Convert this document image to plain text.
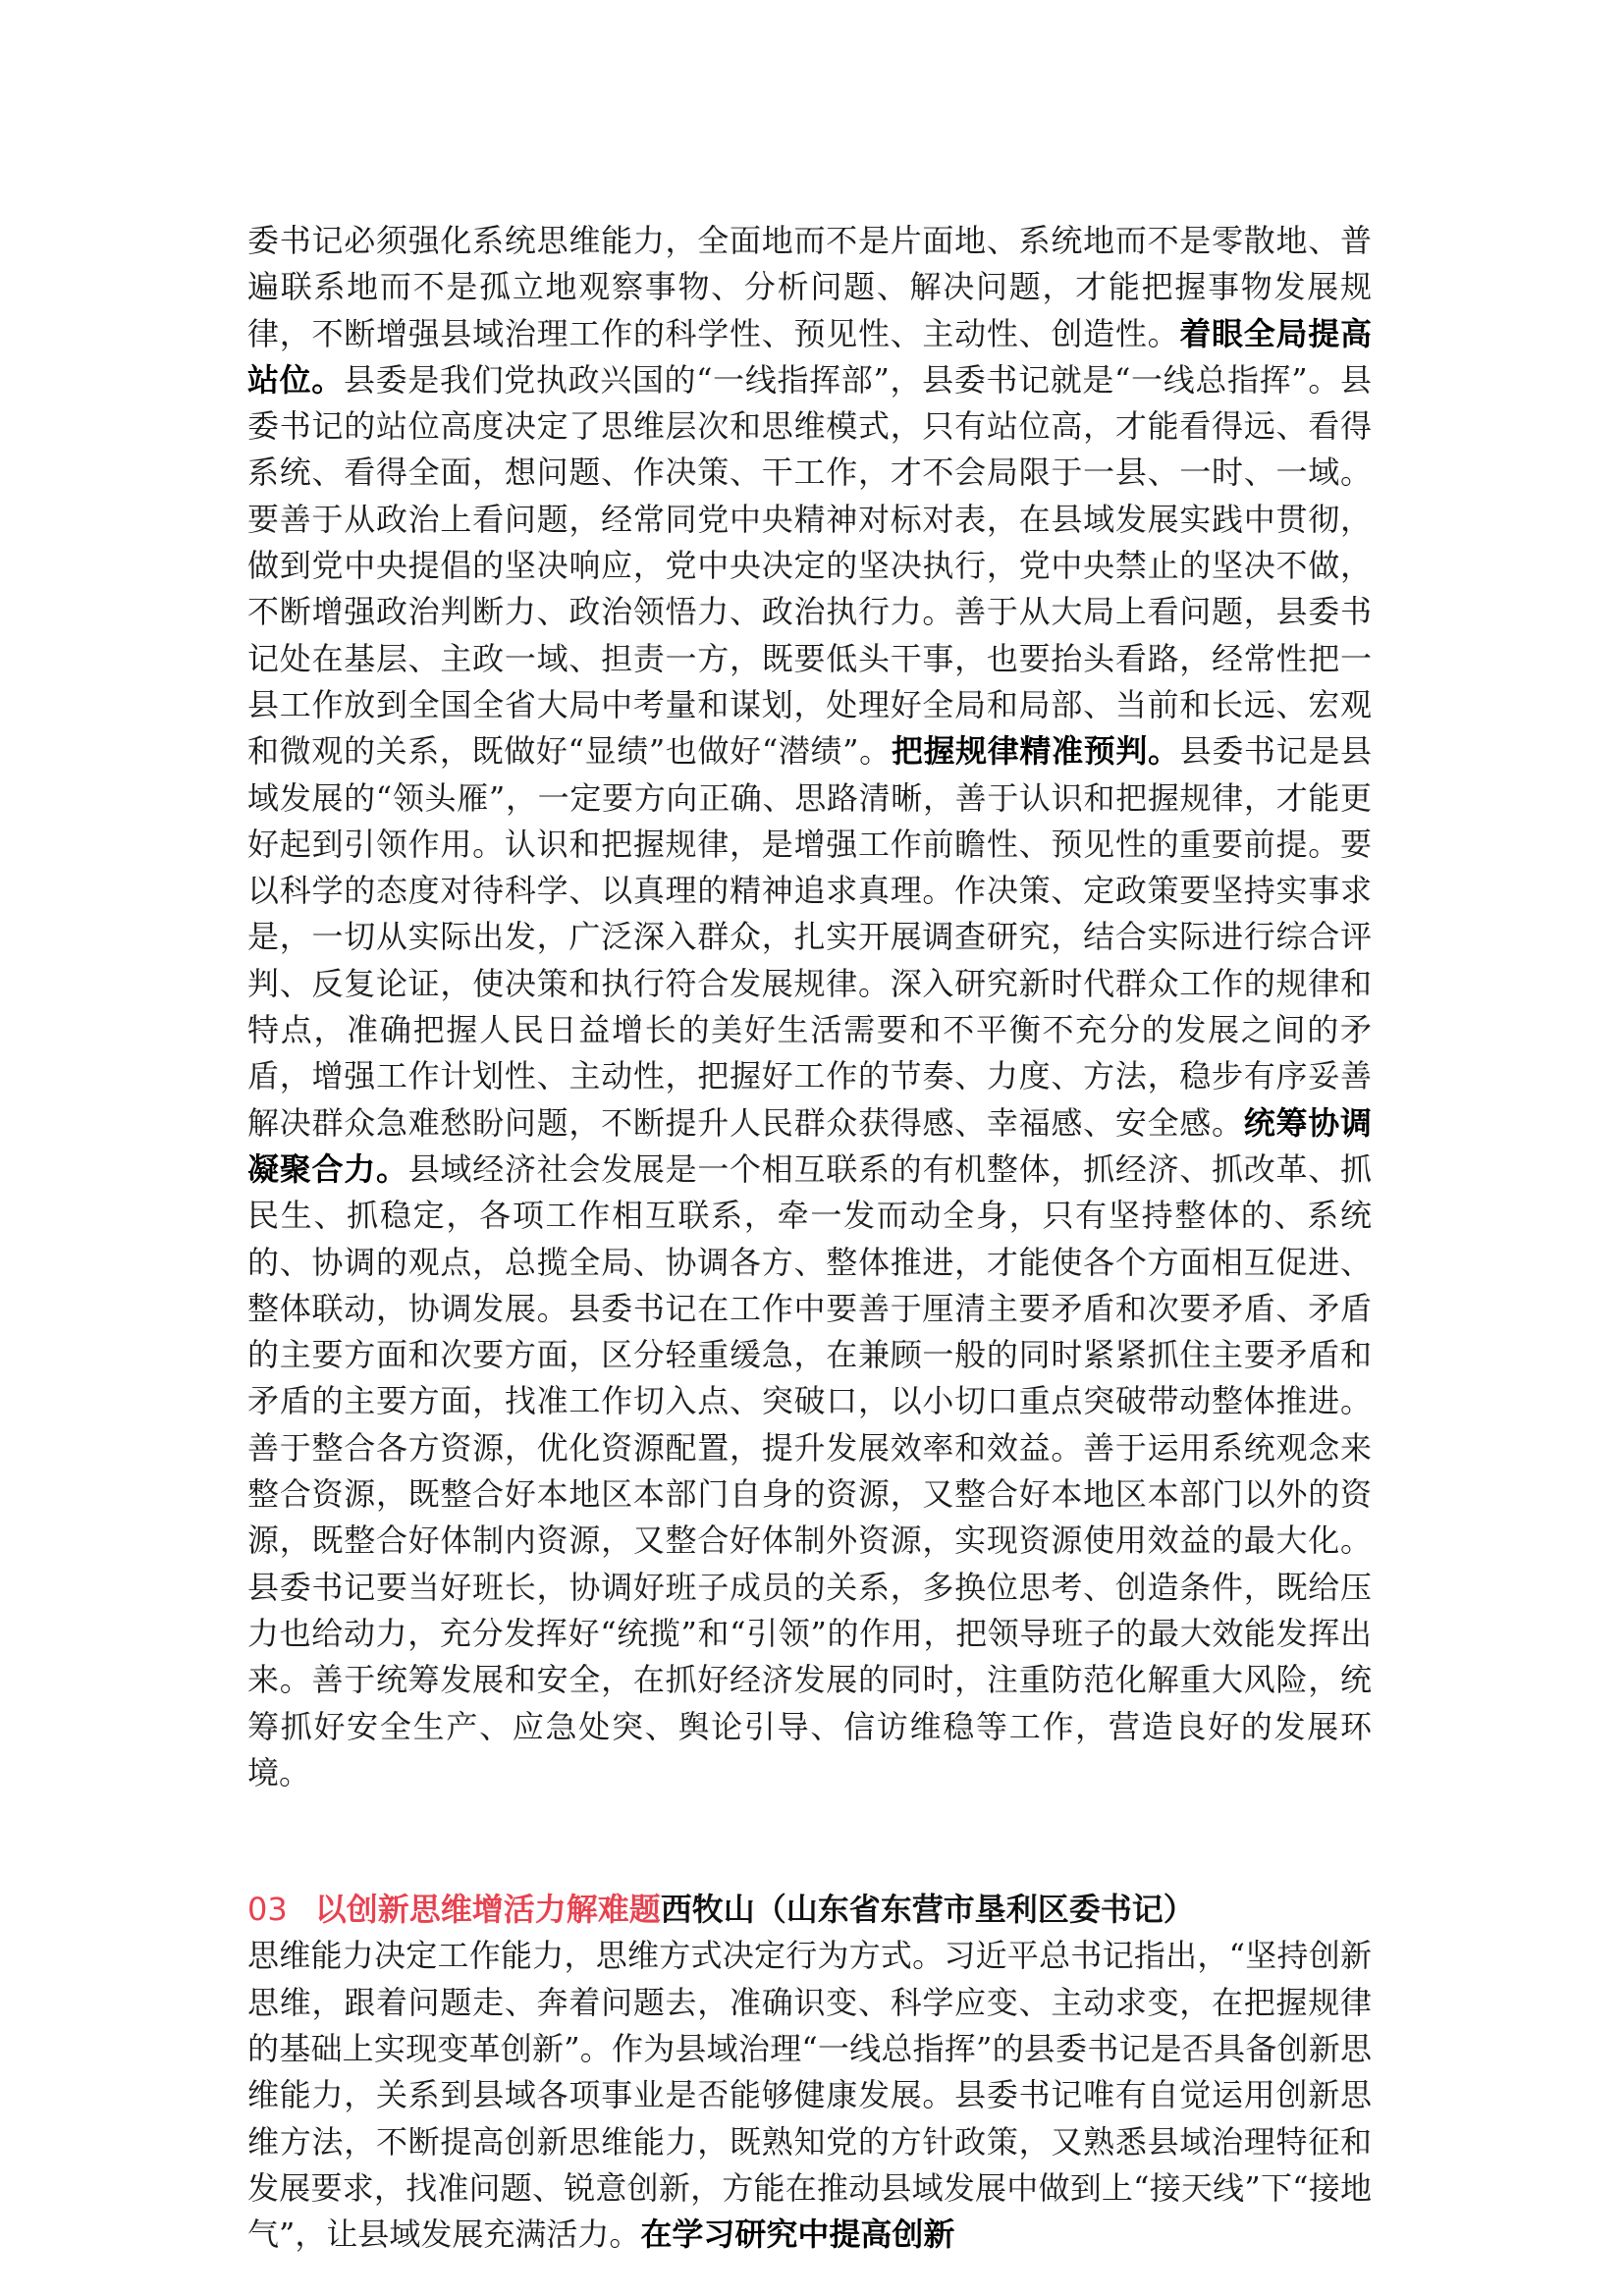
委书记必须强化系统思维能力，全面地而不是片面地、系统地而不是零散地、普遍联系地而不是孤立地观察事物、分析问题、解决问题，才能把握事物发展规律，不断增强县域治理工作的科学性、预见性、主动性、创造性。着眼全局提高站位。县委是我们党执政兴国的“一线指挥部”，县委书记就是“一线总指挥”。县委书记的站位高度决定了思维层次和思维模式，只有站位高，才能看得远、看得系统、看得全面，想问题、作决策、干工作，才不会局限于一县、一时、一域。要善于从政治上看问题，经常同党中央精神对标对表，在县域发展实践中贯彻，做到党中央提倡的坚决响应，党中央决定的坚决执行，党中央禁止的坚决不做，不断增强政治判断力、政治领悟力、政治执行力。善于从大局上看问题，县委书记处在基层、主政一域、担责一方，既要低头干事，也要抬头看路，经常性把一县工作放到全国全省大局中考量和谋划，处理好全局和局部、当前和长远、宏观和微观的关系，既做好“显绩”也做好“潜绩”。把握规律精准预判。县委书记是县域发展的“领头雁”，一定要方向正确、思路清晰，善于认识和把握规律，才能更好起到引领作用。认识和把握规律，是增强工作前瞻性、预见性的重要前提。要以科学的态度对待科学、以真理的精神追求真理。作决策、定政策要坚持实事求是，一切从实际出发，广泛深入群众，扎实开展调查研究，结合实际进行综合评判、反复论证，使决策和执行符合发展规律。深入研究新时代群众工作的规律和特点，准确把握人民日益增长的美好生活需要和不平衡不充分的发展之间的矛盾，增强工作计划性、主动性，把握好工作的节奏、力度、方法，稳步有序妥善解决群众急难愁盼问题，不断提升人民群众获得感、幸福感、安全感。统筹协调凝聚合力。县域经济社会发展是一个相互联系的有机整体，抓经济、抓改革、抓民生、抓稳定，各项工作相互联系，牵一发而动全身，只有坚持整体的、系统的、协调的观点，总揽全局、协调各方、整体推进，才能使各个方面相互促进、整体联动，协调发展。县委书记在工作中要善于厘清主要矛盾和次要矛盾、矛盾的主要方面和次要方面，区分轻重缓急，在兼顾一般的同时紧紧抓住主要矛盾和矛盾的主要方面，找准工作切入点、突破口，以小切口重点突破带动整体推进。善于整合各方资源，优化资源配置，提升发展效率和效益。善于运用系统观念来整合资源，既整合好本地区本部门自身的资源，又整合好本地区本部门以外的资源，既整合好体制内资源，又整合好体制外资源，实现资源使用效益的最大化。县委书记要当好班长，协调好班子成员的关系，多换位思考、创造条件，既给压力也给动力，充分发挥好“统揽”和“引领”的作用，把领导班子的最大效能发挥出来。善于统筹发展和安全，在抓好经济发展的同时，注重防范化解重大风险，统筹抓好安全生产、应急处突、舆论引导、信访维稳等工作，营造良好的发展环境。

03 以创新思维增活力解难题西牧山（山东省东营市垦利区委书记）

思维能力决定工作能力，思维方式决定行为方式。习近平总书记指出，“坚持创新思维，跟着问题走、奔着问题去，准确识变、科学应变、主动求变，在把握规律的基础上实现变革创新”。作为县域治理“一线总指挥”的县委书记是否具备创新思维能力，关系到县域各项事业是否能够健康发展。县委书记唯有自觉运用创新思维方法，不断提高创新思维能力，既熟知党的方针政策，又熟悉县域治理特征和发展要求，找准问题、锐意创新，方能在推动县域发展中做到上“接天线”下“接地气”，让县域发展充满活力。在学习研究中提高创新
